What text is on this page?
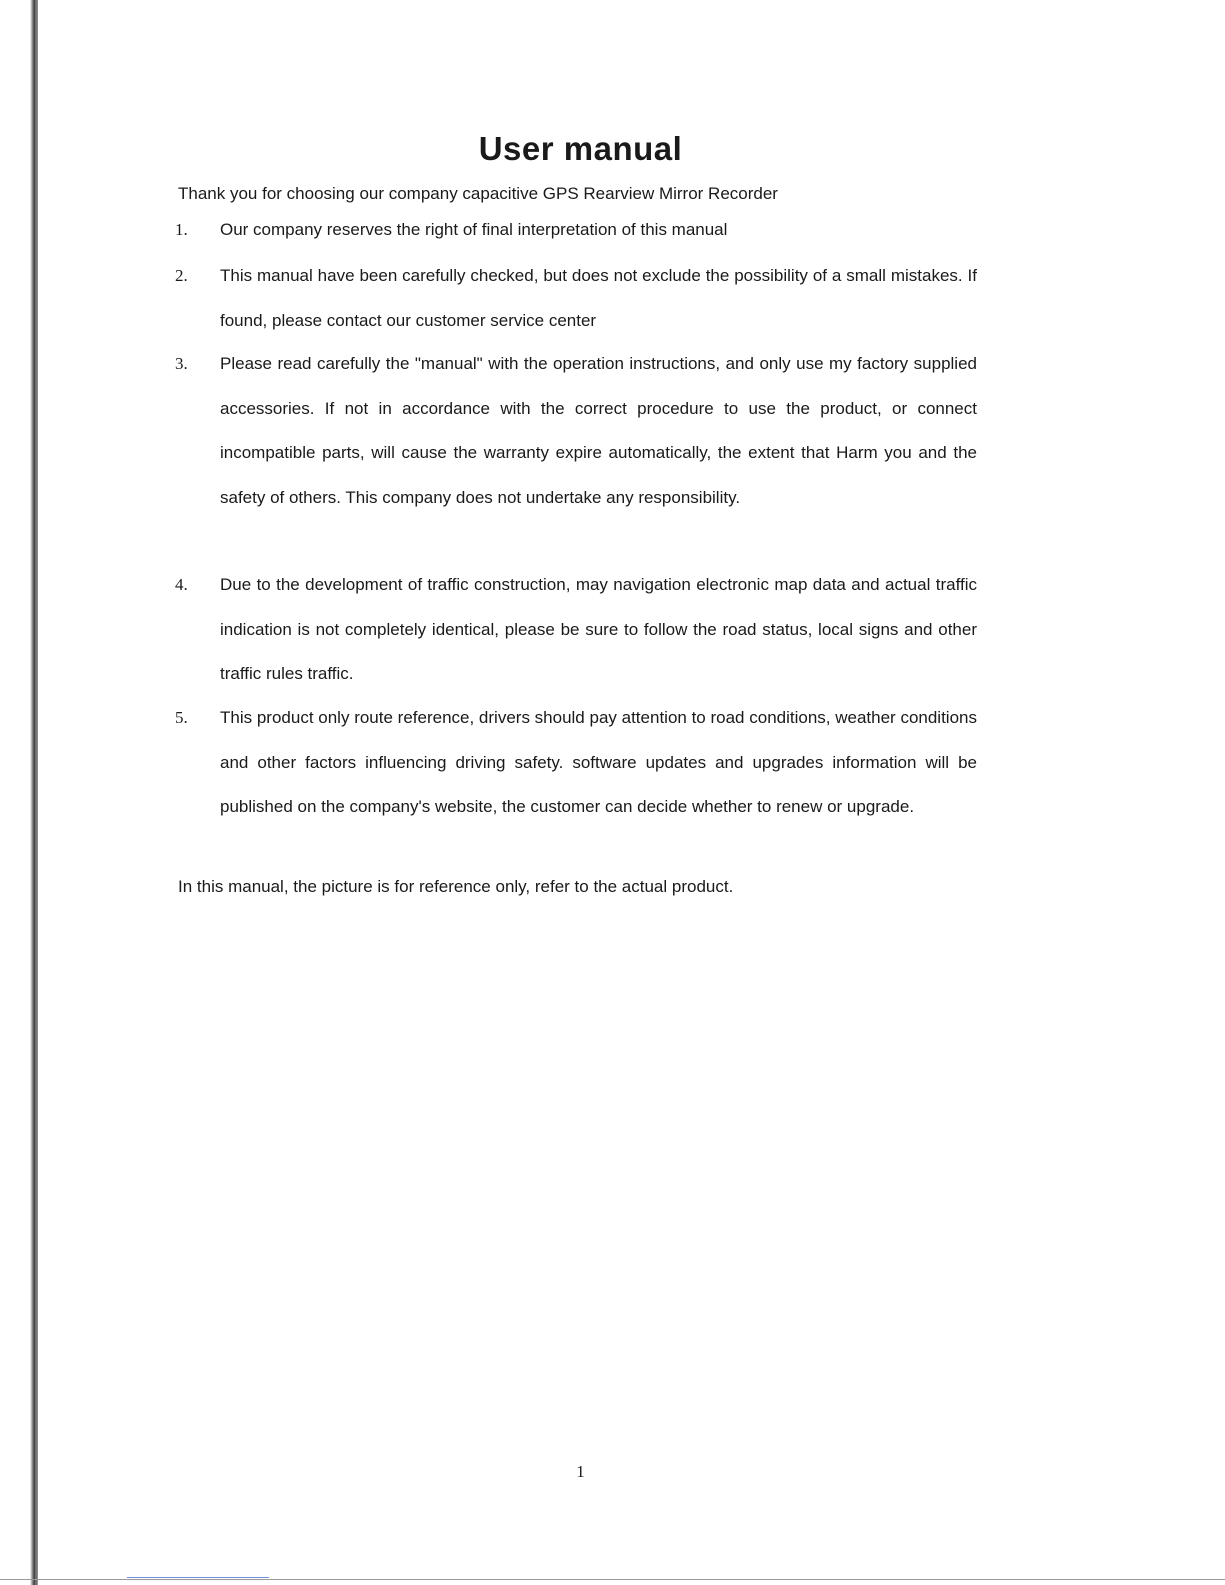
User manual

Thank you for choosing our company capacitive GPS Rearview Mirror Recorder

1. Our company reserves the right of final interpretation of this manual
2. This manual have been carefully checked, but does not exclude the possibility of a small mistakes. If found, please contact our customer service center
3. Please read carefully the "manual" with the operation instructions, and only use my factory supplied accessories. If not in accordance with the correct procedure to use the product, or connect incompatible parts, will cause the warranty expire automatically, the extent that Harm you and the safety of others. This company does not undertake any responsibility.
4. Due to the development of traffic construction, may navigation electronic map data and actual traffic indication is not completely identical, please be sure to follow the road status, local signs and other traffic rules traffic.
5. This product only route reference, drivers should pay attention to road conditions, weather conditions and other factors influencing driving safety. software updates and upgrades information will be published on the company's website, the customer can decide whether to renew or upgrade.

In this manual, the picture is for reference only, refer to the actual product.

1
